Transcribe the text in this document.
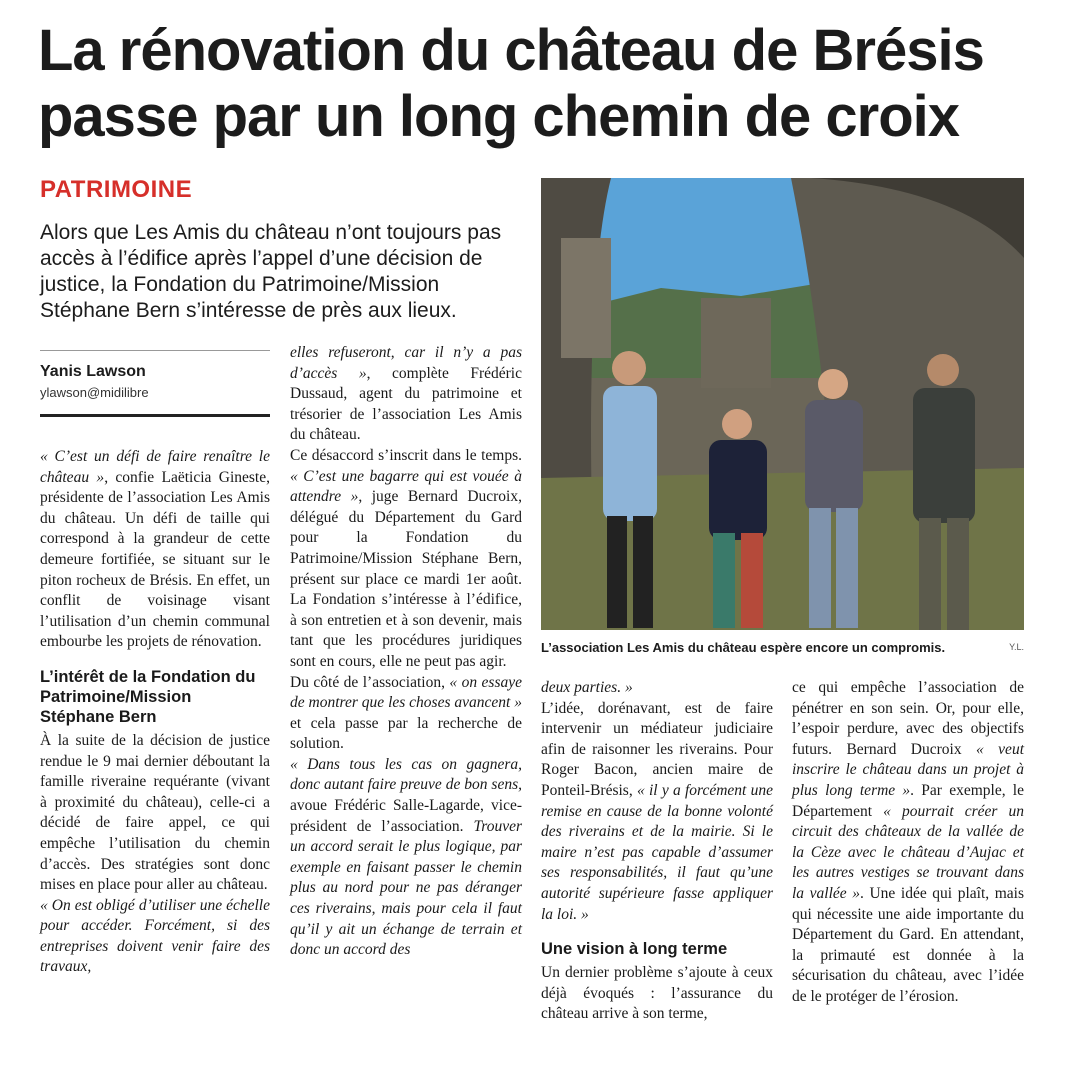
La rénovation du château de Brésis passe par un long chemin de croix
PATRIMOINE
Alors que Les Amis du château n’ont toujours pas accès à l’édifice après l’appel d’une décision de justice, la Fondation du Patrimoine/Mission Stéphane Bern s’intéresse de près aux lieux.
Yanis Lawson
ylawson@midilibre

« C’est un défi de faire renaître le château », confie Laëticia Gineste, présidente de l’association Les Amis du château. Un défi de taille qui correspond à la grandeur de cette demeure fortifiée, se situant sur le piton rocheux de Brésis. En effet, un conflit de voisinage visant l’utilisation d’un chemin communal embourbe les projets de rénovation.

L’intérêt de la Fondation du Patrimoine/Mission Stéphane Bern

À la suite de la décision de justice rendue le 9 mai dernier déboutant la famille riveraine requérante (vivant à proximité du château), celle-ci a décidé de faire appel, ce qui empêche l’utilisation du chemin d’accès. Des stratégies sont donc mises en place pour aller au château.

« On est obligé d’utiliser une échelle pour accéder. Forcément, si des entreprises doivent venir faire des travaux,

elles refuseront, car il n’y a pas d’accès », complète Frédéric Dussaud, agent du patrimoine et trésorier de l’association Les Amis du château.

Ce désaccord s’inscrit dans le temps. « C’est une bagarre qui est vouée à attendre », juge Bernard Ducroix, délégué du Département du Gard pour la Fondation du Patrimoine/Mission Stéphane Bern, présent sur place ce mardi 1er août. La Fondation s’intéresse à l’édifice, à son entretien et à son devenir, mais tant que les procédures juridiques sont en cours, elle ne peut pas agir.

Du côté de l’association, « on essaye de montrer que les choses avancent » et cela passe par la recherche de solution.

« Dans tous les cas on gagnera, donc autant faire preuve de bon sens, avoue Frédéric Salle-Lagarde, vice-président de l’association. Trouver un accord serait le plus logique, par exemple en faisant passer le chemin plus au nord pour ne pas déranger ces riverains, mais pour cela il faut qu’il y ait un échange de terrain et donc un accord des

L’association Les Amis du château espère encore un compromis.	Y.L.

deux parties. »

L’idée, dorénavant, est de faire intervenir un médiateur judiciaire afin de raisonner les riverains. Pour Roger Bacon, ancien maire de Ponteil-Brésis, « il y a forcément une remise en cause de la bonne volonté des riverains et de la mairie. Si le maire n’est pas capable d’assumer ses responsabilités, il faut qu’une autorité supérieure fasse appliquer la loi. »

Une vision à long terme

Un dernier problème s’ajoute à ceux déjà évoqués : l’assurance du château arrive à son terme,

ce qui empêche l’association de pénétrer en son sein. Or, pour elle, l’espoir perdure, avec des objectifs futurs. Bernard Ducroix « veut inscrire le château dans un projet à plus long terme ». Par exemple, le Département « pourrait créer un circuit des châteaux de la vallée de la Cèze avec le château d’Aujac et les autres vestiges se trouvant dans la vallée ». Une idée qui plaît, mais qui nécessite une aide importante du Département du Gard. En attendant, la primauté est donnée à la sécurisation du château, avec l’idée de le protéger de l’érosion.
